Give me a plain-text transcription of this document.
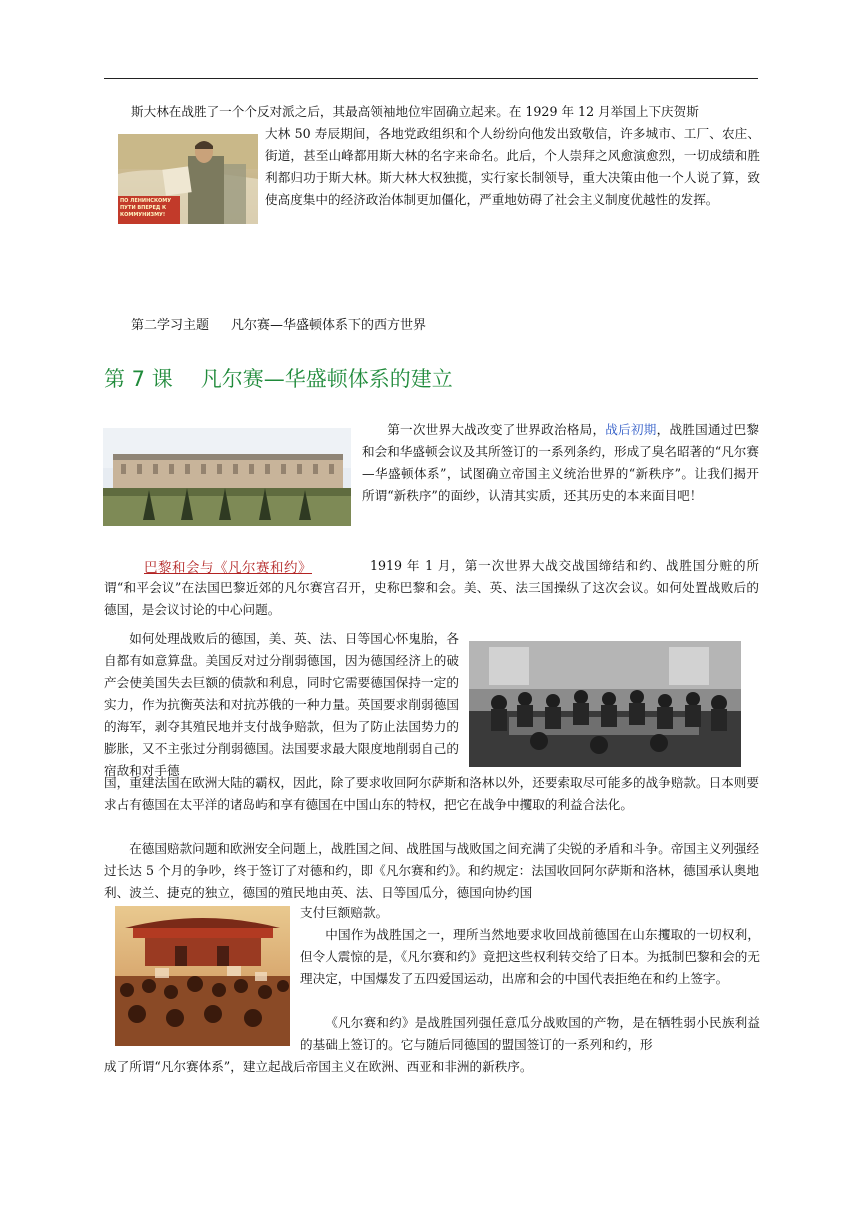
ПО ЛЕНИНСКОМУ ПУТИ ВПЕРЕД К КОММУНИЗМУ!

斯大林在战胜了一个个反对派之后，其最高领袖地位牢固确立起来。在 1929 年 12 月举国上下庆贺斯

大林 50 寿辰期间，各地党政组织和个人纷纷向他发出致敬信，许多城市、工厂、农庄、街道，甚至山峰都用斯大林的名字来命名。此后，个人崇拜之风愈演愈烈，一切成绩和胜利都归功于斯大林。斯大林大权独揽，实行家长制领导，重大决策由他一个人说了算，致使高度集中的经济政治体制更加僵化，严重地妨碍了社会主义制度优越性的发挥。

第二学习主题 凡尔赛—华盛顿体系下的西方世界
第 7 课 凡尔赛—华盛顿体系的建立

第一次世界大战改变了世界政治格局，战后初期，战胜国通过巴黎和会和华盛顿会议及其所签订的一系列条约，形成了臭名昭著的“凡尔赛—华盛顿体系”，试图确立帝国主义统治世界的“新秩序”。让我们揭开所谓“新秩序”的面纱，认清其实质，还其历史的本来面目吧！

巴黎和会与《凡尔赛和约》	1919 年 1 月，第一次世界大战交战国缔结和约、战胜国分赃的所谓“和平会议”在法国巴黎近郊的凡尔赛宫召开，史称巴黎和会。美、英、法三国操纵了这次会议。如何处置战败后的德国，是会议讨论的中心问题。

如何处理战败后的德国，美、英、法、日等国心怀鬼胎，各自都有如意算盘。美国反对过分削弱德国，因为德国经济上的破产会使美国失去巨额的债款和利息，同时它需要德国保持一定的实力，作为抗衡英法和对抗苏俄的一种力量。英国要求削弱德国的海军，剥夺其殖民地并支付战争赔款，但为了防止法国势力的膨胀，又不主张过分削弱德国。法国要求最大限度地削弱自己的宿敌和对手德

国，重建法国在欧洲大陆的霸权，因此，除了要求收回阿尔萨斯和洛林以外，还要索取尽可能多的战争赔款。日本则要求占有德国在太平洋的诸岛屿和享有德国在中国山东的特权，把它在战争中攫取的利益合法化。

在德国赔款问题和欧洲安全问题上，战胜国之间、战胜国与战败国之间充满了尖锐的矛盾和斗争。帝国主义列强经过长达 5 个月的争吵，终于签订了对德和约，即《凡尔赛和约》。和约规定：法国收回阿尔萨斯和洛林，德国承认奥地利、波兰、捷克的独立，德国的殖民地由英、法、日等国瓜分，德国向协约国

支付巨额赔款。

中国作为战胜国之一，理所当然地要求收回战前德国在山东攫取的一切权利，但令人震惊的是，《凡尔赛和约》竟把这些权利转交给了日本。为抵制巴黎和会的无理决定，中国爆发了五四爱国运动，出席和会的中国代表拒绝在和约上签字。

《凡尔赛和约》是战胜国列强任意瓜分战败国的产物，是在牺牲弱小民族利益的基础上签订的。它与随后同德国的盟国签订的一系列和约，形

成了所谓“凡尔赛体系”，建立起战后帝国主义在欧洲、西亚和非洲的新秩序。
